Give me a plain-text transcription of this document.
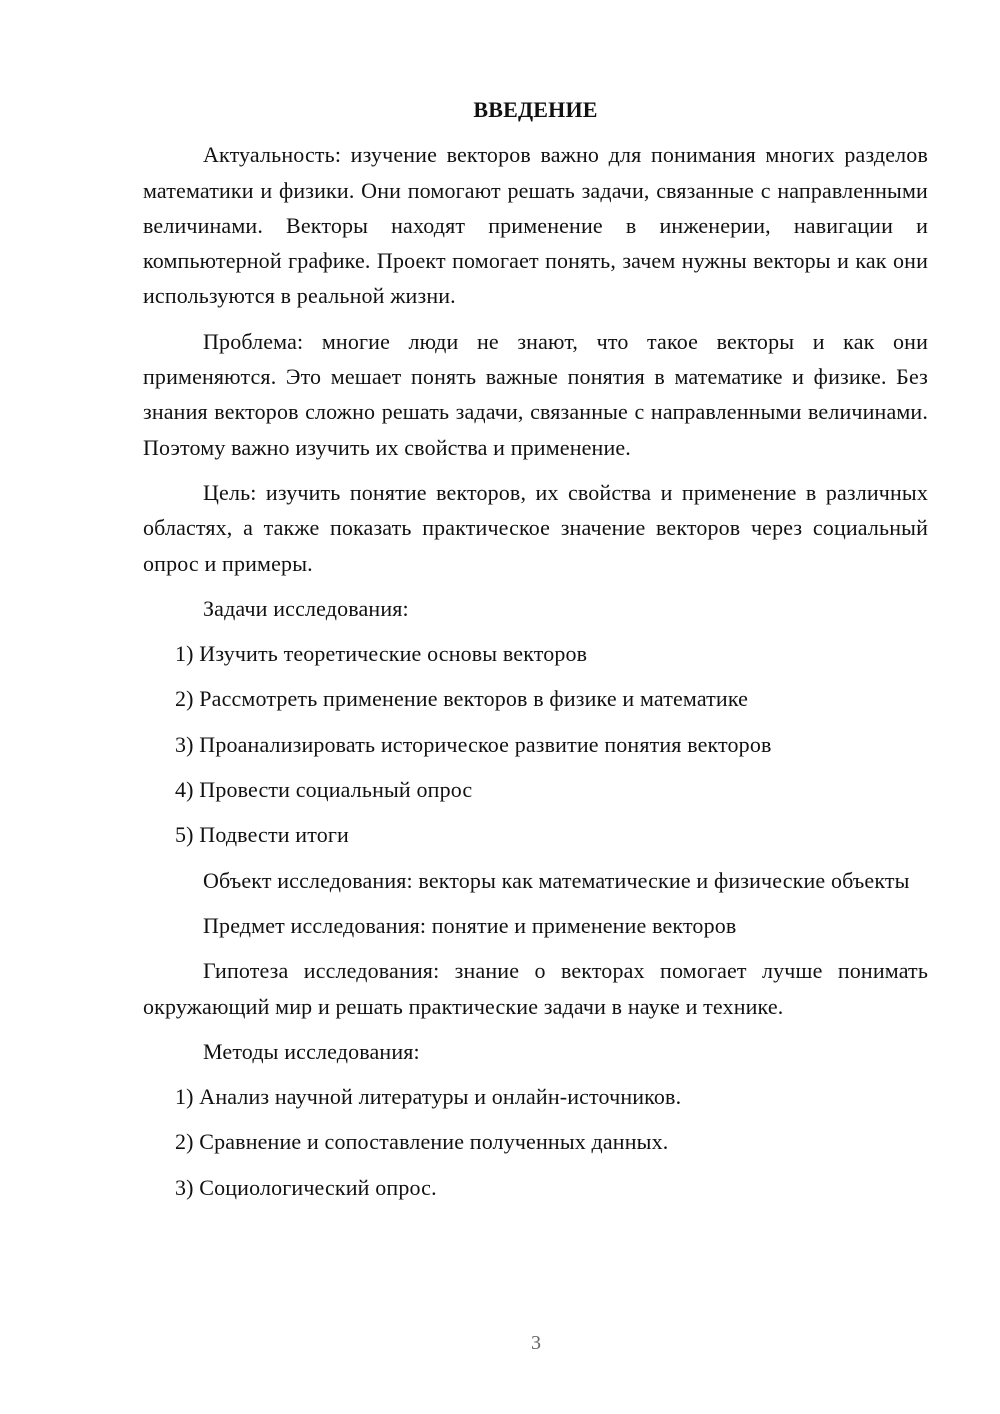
ВВЕДЕНИЕ

Актуальность: изучение векторов важно для понимания многих разделов математики и физики. Они помогают решать задачи, связанные с направленными величинами. Векторы находят применение в инженерии, навигации и компьютерной графике. Проект помогает понять, зачем нужны векторы и как они используются в реальной жизни.

Проблема: многие люди не знают, что такое векторы и как они применяются. Это мешает понять важные понятия в математике и физике. Без знания векторов сложно решать задачи, связанные с направленными величинами. Поэтому важно изучить их свойства и применение.

Цель: изучить понятие векторов, их свойства и применение в различных областях, а также показать практическое значение векторов через социальный опрос и примеры.

Задачи исследования:
1) Изучить теоретические основы векторов
2) Рассмотреть применение векторов в физике и математике
3) Проанализировать историческое развитие понятия векторов
4) Провести социальный опрос
5) Подвести итоги

Объект исследования: векторы как математические и физические объекты

Предмет исследования: понятие и применение векторов

Гипотеза исследования: знание о векторах помогает лучше понимать окружающий мир и решать практические задачи в науке и технике.

Методы исследования:
1) Анализ научной литературы и онлайн-источников.
2) Сравнение и сопоставление полученных данных.
3) Социологический опрос.
3
